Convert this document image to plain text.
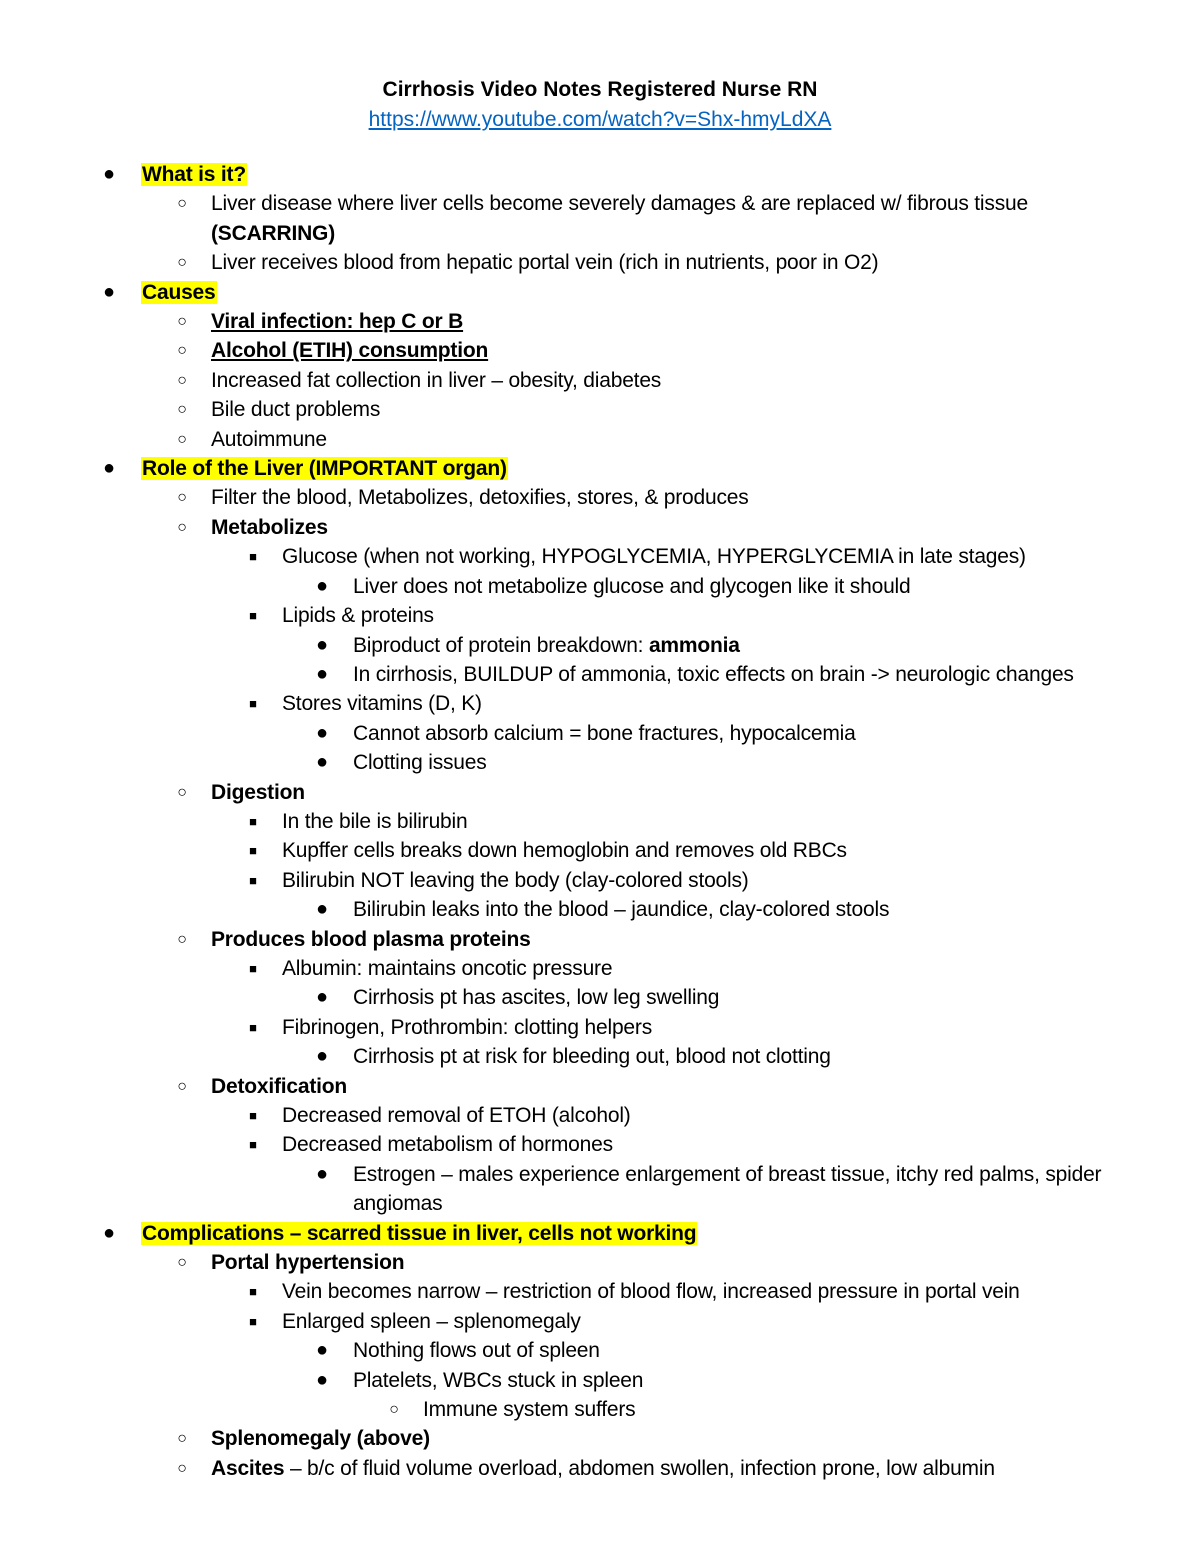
Cirrhosis Video Notes Registered Nurse RN
https://www.youtube.com/watch?v=Shx-hmyLdXA
● What is it?
○ Liver disease where liver cells become severely damages & are replaced w/ fibrous tissue (SCARRING)
○ Liver receives blood from hepatic portal vein (rich in nutrients, poor in O2)
● Causes
○ Viral infection: hep C or B
○ Alcohol (ETIH) consumption
○ Increased fat collection in liver – obesity, diabetes
○ Bile duct problems
○ Autoimmune
● Role of the Liver (IMPORTANT organ)
○ Filter the blood, Metabolizes, detoxifies, stores, & produces
○ Metabolizes
■	Glucose (when not working, HYPOGLYCEMIA, HYPERGLYCEMIA in late stages)
● Liver does not metabolize glucose and glycogen like it should
■	Lipids & proteins
● Biproduct of protein breakdown: ammonia
● In cirrhosis, BUILDUP of ammonia, toxic effects on brain -> neurologic changes
■	Stores vitamins (D, K)
● Cannot absorb calcium = bone fractures, hypocalcemia
● Clotting issues
○ Digestion
■	In the bile is bilirubin
■	Kupffer cells breaks down hemoglobin and removes old RBCs
■	Bilirubin NOT leaving the body (clay-colored stools)
● Bilirubin leaks into the blood – jaundice, clay-colored stools
○ Produces blood plasma proteins
■	Albumin: maintains oncotic pressure
● Cirrhosis pt has ascites, low leg swelling
■	Fibrinogen, Prothrombin: clotting helpers
● Cirrhosis pt at risk for bleeding out, blood not clotting
○ Detoxification
■	Decreased removal of ETOH (alcohol)
■	Decreased metabolism of hormones
● Estrogen – males experience enlargement of breast tissue, itchy red palms, spider angiomas
● Complications – scarred tissue in liver, cells not working
○ Portal hypertension
■	Vein becomes narrow – restriction of blood flow, increased pressure in portal vein
■	Enlarged spleen – splenomegaly
● Nothing flows out of spleen
● Platelets, WBCs stuck in spleen
○ Immune system suffers
○ Splenomegaly (above)
○ Ascites – b/c of fluid volume overload, abdomen swollen, infection prone, low albumin
